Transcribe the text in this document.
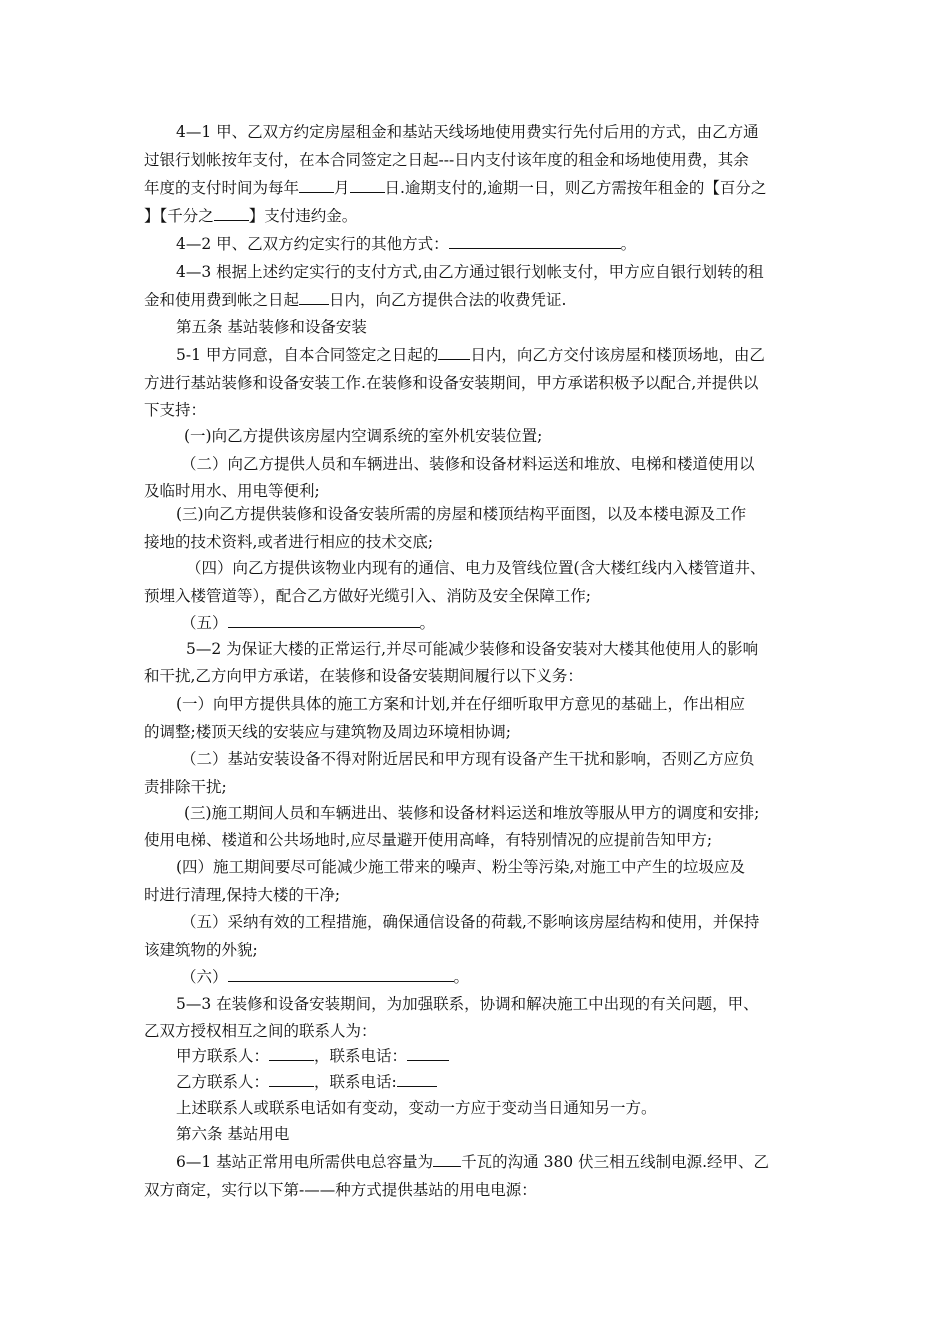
4—1 甲、乙双方约定房屋租金和基站天线场地使用费实行先付后用的方式，由乙方通
过银行划帐按年支付，在本合同签定之日起---日内支付该年度的租金和场地使用费，其余
年度的支付时间为每年 月 日.逾期支付的,逾期一日，则乙方需按年租金的【百分之
】【千分之 】支付违约金。
4—2 甲、乙双方约定实行的其他方式：	。
4—3 根据上述约定实行的支付方式,由乙方通过银行划帐支付，甲方应自银行划转的租
金和使用费到帐之日起 日内，向乙方提供合法的收费凭证.
第五条 基站装修和设备安装
5-1 甲方同意，自本合同签定之日起的 日内，向乙方交付该房屋和楼顶场地，由乙
方进行基站装修和设备安装工作.在装修和设备安装期间，甲方承诺积极予以配合,并提供以
下支持：
(一)向乙方提供该房屋内空调系统的室外机安装位置;
（二）向乙方提供人员和车辆进出、装修和设备材料运送和堆放、电梯和楼道使用以
及临时用水、用电等便利;
(三)向乙方提供装修和设备安装所需的房屋和楼顶结构平面图，以及本楼电源及工作
接地的技术资料,或者进行相应的技术交底;
（四）向乙方提供该物业内现有的通信、电力及管线位置(含大楼红线内入楼管道井、
预埋入楼管道等），配合乙方做好光缆引入、消防及安全保障工作;
（五）	。
5—2 为保证大楼的正常运行,并尽可能减少装修和设备安装对大楼其他使用人的影响
和干扰,乙方向甲方承诺，在装修和设备安装期间履行以下义务：
(一）向甲方提供具体的施工方案和计划,并在仔细听取甲方意见的基础上，作出相应
的调整;楼顶天线的安装应与建筑物及周边环境相协调;
（二）基站安装设备不得对附近居民和甲方现有设备产生干扰和影响，否则乙方应负
责排除干扰;
(三)施工期间人员和车辆进出、装修和设备材料运送和堆放等服从甲方的调度和安排;
使用电梯、楼道和公共场地时,应尽量避开使用高峰，有特别情况的应提前告知甲方;
(四）施工期间要尽可能减少施工带来的噪声、粉尘等污染,对施工中产生的垃圾应及
时进行清理,保持大楼的干净;
（五）采纳有效的工程措施，确保通信设备的荷载,不影响该房屋结构和使用，并保持
该建筑物的外貌;
（六）	。
5—3 在装修和设备安装期间，为加强联系，协调和解决施工中出现的有关问题，甲、
乙双方授权相互之间的联系人为：
甲方联系人：	，联系电话：
乙方联系人：	，联系电话:
上述联系人或联系电话如有变动，变动一方应于变动当日通知另一方。
第六条 基站用电
6—1 基站正常用电所需供电总容量为 千瓦的沟通 380 伏三相五线制电源.经甲、乙
双方商定，实行以下第-——种方式提供基站的用电电源：
